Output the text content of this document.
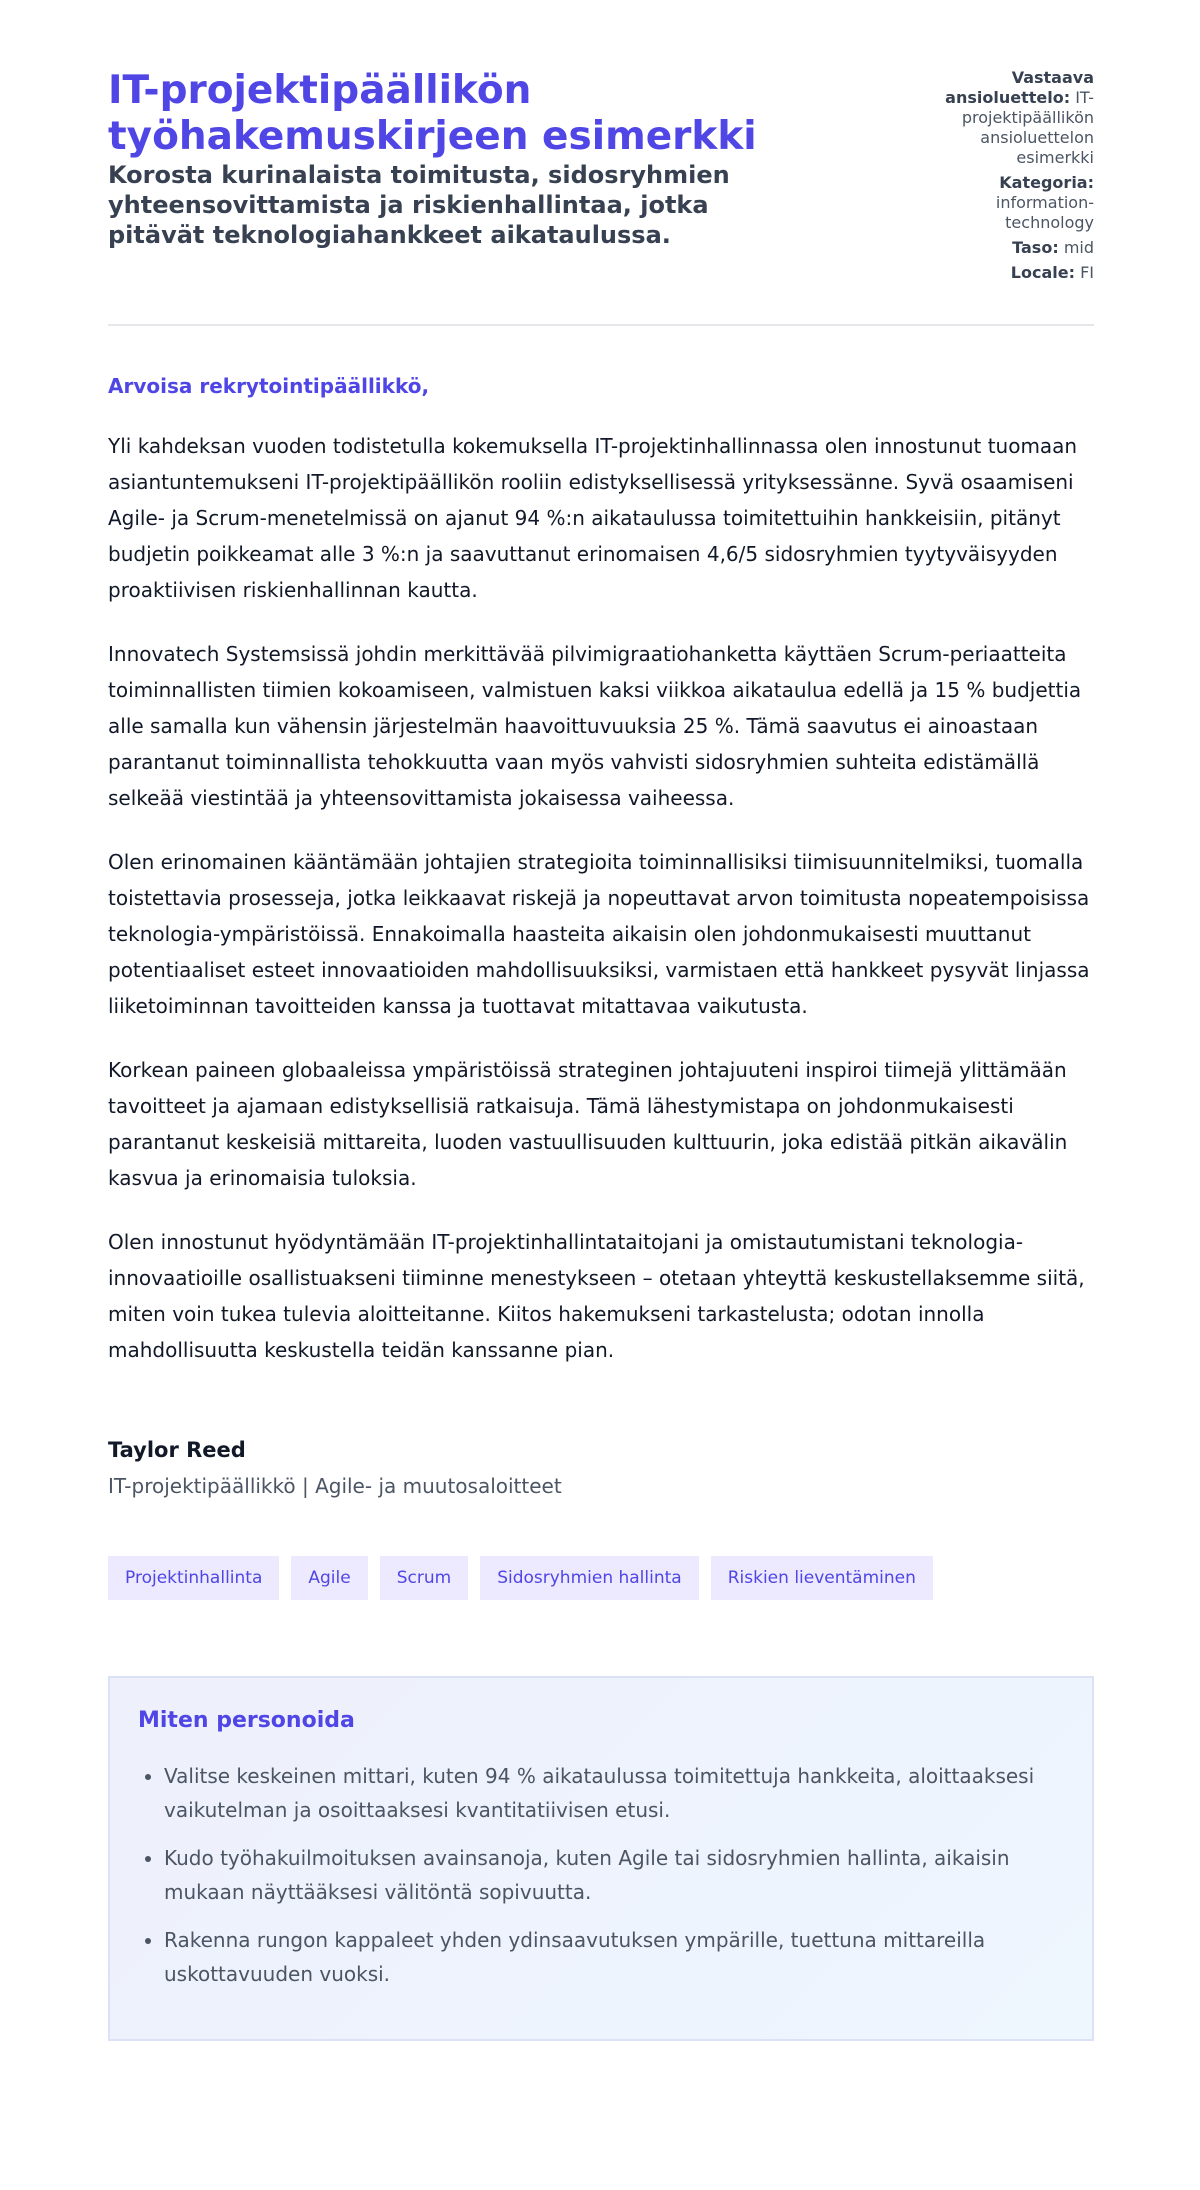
IT-projektipäällikön työhakemuskirjeen esimerkki

Korosta kurinalaista toimitusta, sidosryhmien yhteensovittamista ja riskienhallintaa, jotka pitävät teknologiahankkeet aikataulussa.

Vastaava ansioluettelo: IT-projektipäällikön ansioluettelon esimerkki
Kategoria: information-technology
Taso: mid
Locale: FI

Arvoisa rekrytointipäällikkö,

Yli kahdeksan vuoden todistetulla kokemuksella IT-projektinhallinnassa olen innostunut tuomaan asiantuntemukseni IT-projektipäällikön rooliin edistyksellisessä yrityksessänne. Syvä osaamiseni Agile- ja Scrum-menetelmissä on ajanut 94 %:n aikataulussa toimitettuihin hankkeisiin, pitänyt budjetin poikkeamat alle 3 %:n ja saavuttanut erinomaisen 4,6/5 sidosryhmien tyytyväisyyden proaktiivisen riskienhallinnan kautta.

Innovatech Systemsissä johdin merkittävää pilvimigraatiohanketta käyttäen Scrum-periaatteita toiminnallisten tiimien kokoamiseen, valmistuen kaksi viikkoa aikataulua edellä ja 15 % budjettia alle samalla kun vähensin järjestelmän haavoittuvuuksia 25 %. Tämä saavutus ei ainoastaan parantanut toiminnallista tehokkuutta vaan myös vahvisti sidosryhmien suhteita edistämällä selkeää viestintää ja yhteensovittamista jokaisessa vaiheessa.

Olen erinomainen kääntämään johtajien strategioita toiminnallisiksi tiimisuunnitelmiksi, tuomalla toistettavia prosesseja, jotka leikkaavat riskejä ja nopeuttavat arvon toimitusta nopeatempoisissa teknologia-ympäristöissä. Ennakoimalla haasteita aikaisin olen johdonmukaisesti muuttanut potentiaaliset esteet innovaatioiden mahdollisuuksiksi, varmistaen että hankkeet pysyvät linjassa liiketoiminnan tavoitteiden kanssa ja tuottavat mitattavaa vaikutusta.

Korkean paineen globaaleissa ympäristöissä strateginen johtajuuteni inspiroi tiimejä ylittämään tavoitteet ja ajamaan edistyksellisiä ratkaisuja. Tämä lähestymistapa on johdonmukaisesti parantanut keskeisiä mittareita, luoden vastuullisuuden kulttuurin, joka edistää pitkän aikavälin kasvua ja erinomaisia tuloksia.

Olen innostunut hyödyntämään IT-projektinhallintataitojani ja omistautumistani teknologia-innovaatioille osallistuakseni tiiminne menestykseen – otetaan yhteyttä keskustellaksemme siitä, miten voin tukea tulevia aloitteitanne. Kiitos hakemukseni tarkastelusta; odotan innolla mahdollisuutta keskustella teidän kanssanne pian.

Taylor Reed

IT-projektipäällikkö | Agile- ja muutosaloitteet

Projektinhallinta	Agile	Scrum	Sidosryhmien hallinta	Riskien lieventäminen
Miten personoida
• Valitse keskeinen mittari, kuten 94 % aikataulussa toimitettuja hankkeita, aloittaaksesi vaikutelman ja osoittaaksesi kvantitatiivisen etusi.
• Kudo työhakuilmoituksen avainsanoja, kuten Agile tai sidosryhmien hallinta, aikaisin mukaan näyttääksesi välitöntä sopivuutta.
• Rakenna rungon kappaleet yhden ydinsaavutuksen ympärille, tuettuna mittareilla uskottavuuden vuoksi.
